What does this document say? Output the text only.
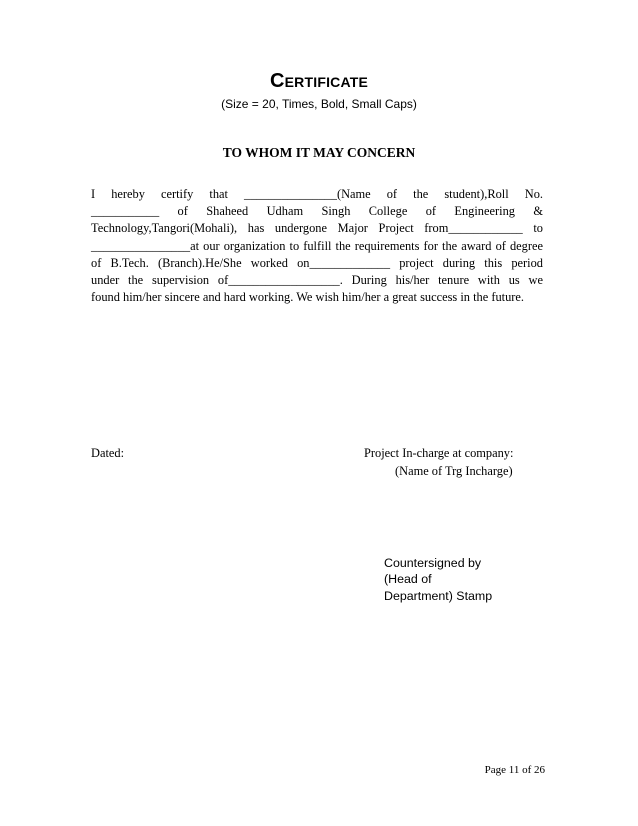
CERTIFICATE
(Size = 20, Times, Bold, Small Caps)
TO WHOM IT MAY CONCERN
I hereby certify that _______________(Name of the student),Roll No.
___________ of Shaheed Udham Singh College of Engineering &
Technology,Tangori(Mohali), has undergone Major Project from____________ to
________________at our organization to fulfill the requirements for the award of degree
of B.Tech. (Branch).He/She worked on_____________ project during this period
under the supervision of__________________. During his/her tenure with us we
found him/her sincere and hard working. We wish him/her a great success in the future.
Dated:	Project In-charge at company:
(Name of Trg Incharge)
Countersigned by
(Head of
Department) Stamp
Page 11 of 26
